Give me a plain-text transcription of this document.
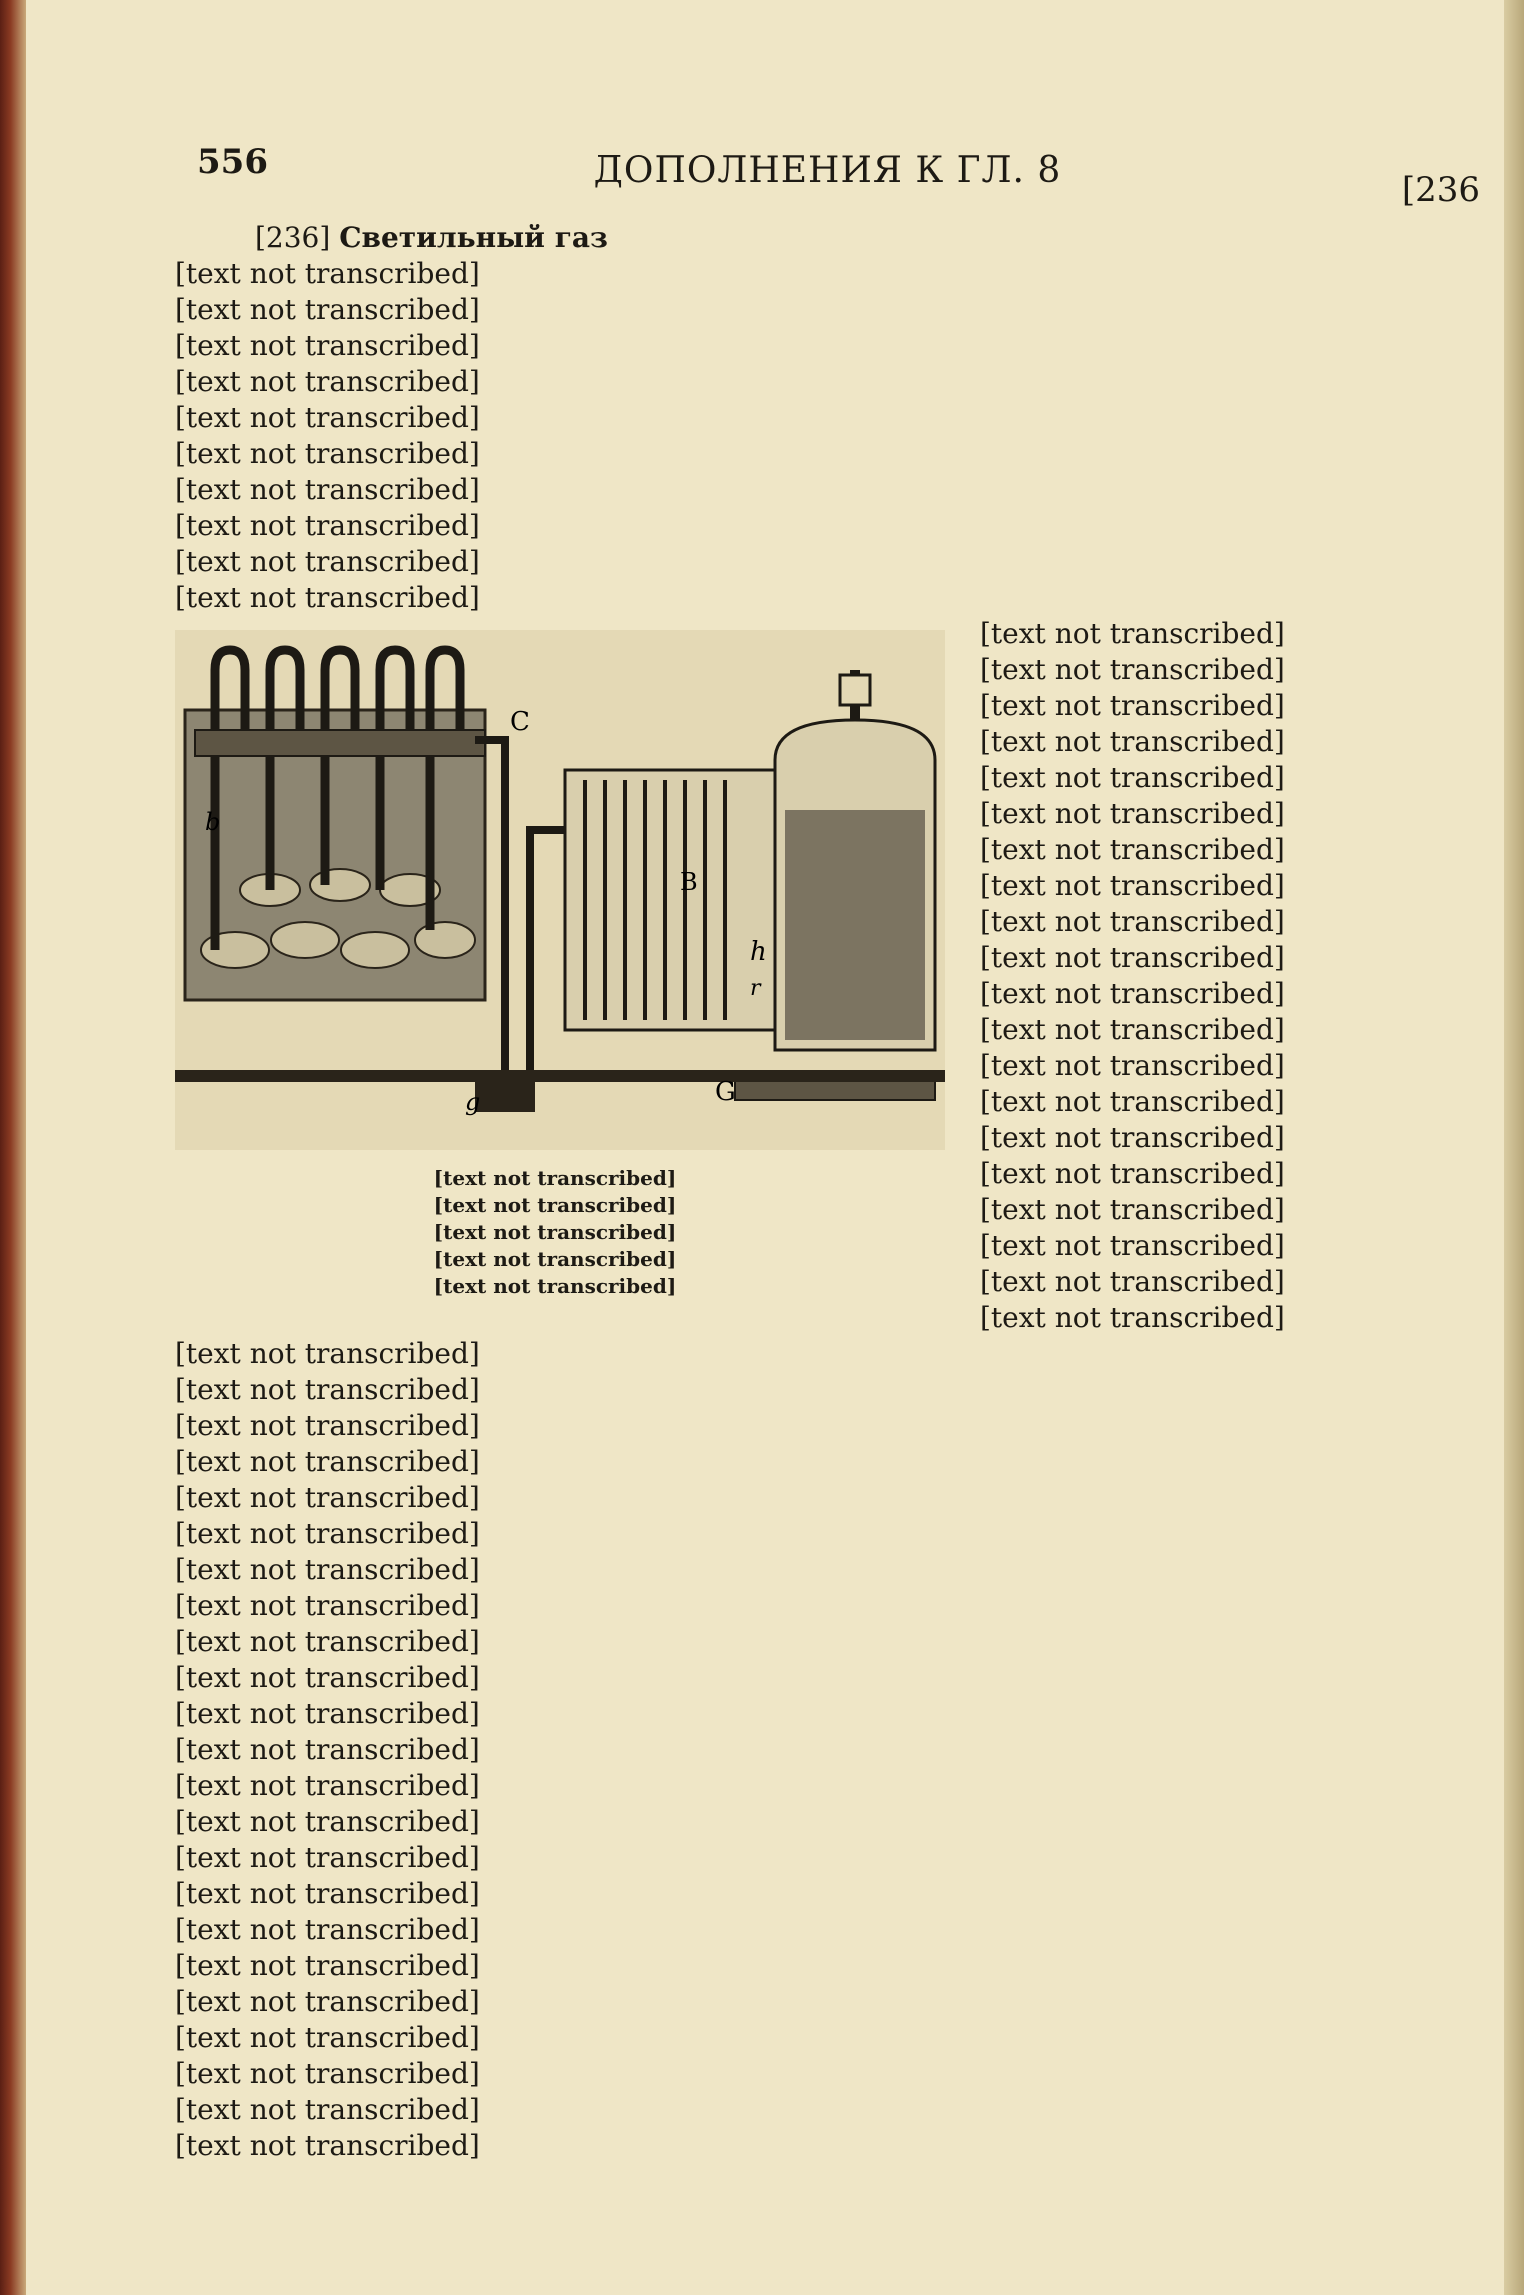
556	ДОПОЛНЕНИЯ К ГЛ. 8	[236
[236] Светильный газ
[text not transcribed]
[text not transcribed]
[text not transcribed]
[text not transcribed]
[text not transcribed]
[text not transcribed]
[text not transcribed]
[text not transcribed]
[text not transcribed]
[text not transcribed]
[text not transcribed]
[text not transcribed]
[text not transcribed]
[text not transcribed]
[text not transcribed]
[text not transcribed]
[text not transcribed]
[text not transcribed]
[text not transcribed]
[text not transcribed]
[text not transcribed]
[text not transcribed]
[text not transcribed]
[text not transcribed]
[text not transcribed]
[text not transcribed]
[text not transcribed]
[text not transcribed]
[text not transcribed]
[text not transcribed]
b
C
B
h
r
G
g
[text not transcribed]
[text not transcribed]
[text not transcribed]
[text not transcribed]
[text not transcribed]
[text not transcribed]
[text not transcribed]
[text not transcribed]
[text not transcribed]
[text not transcribed]
[text not transcribed]
[text not transcribed]
[text not transcribed]
[text not transcribed]
[text not transcribed]
[text not transcribed]
[text not transcribed]
[text not transcribed]
[text not transcribed]
[text not transcribed]
[text not transcribed]
[text not transcribed]
[text not transcribed]
[text not transcribed]
[text not transcribed]
[text not transcribed]
[text not transcribed]
[text not transcribed]
